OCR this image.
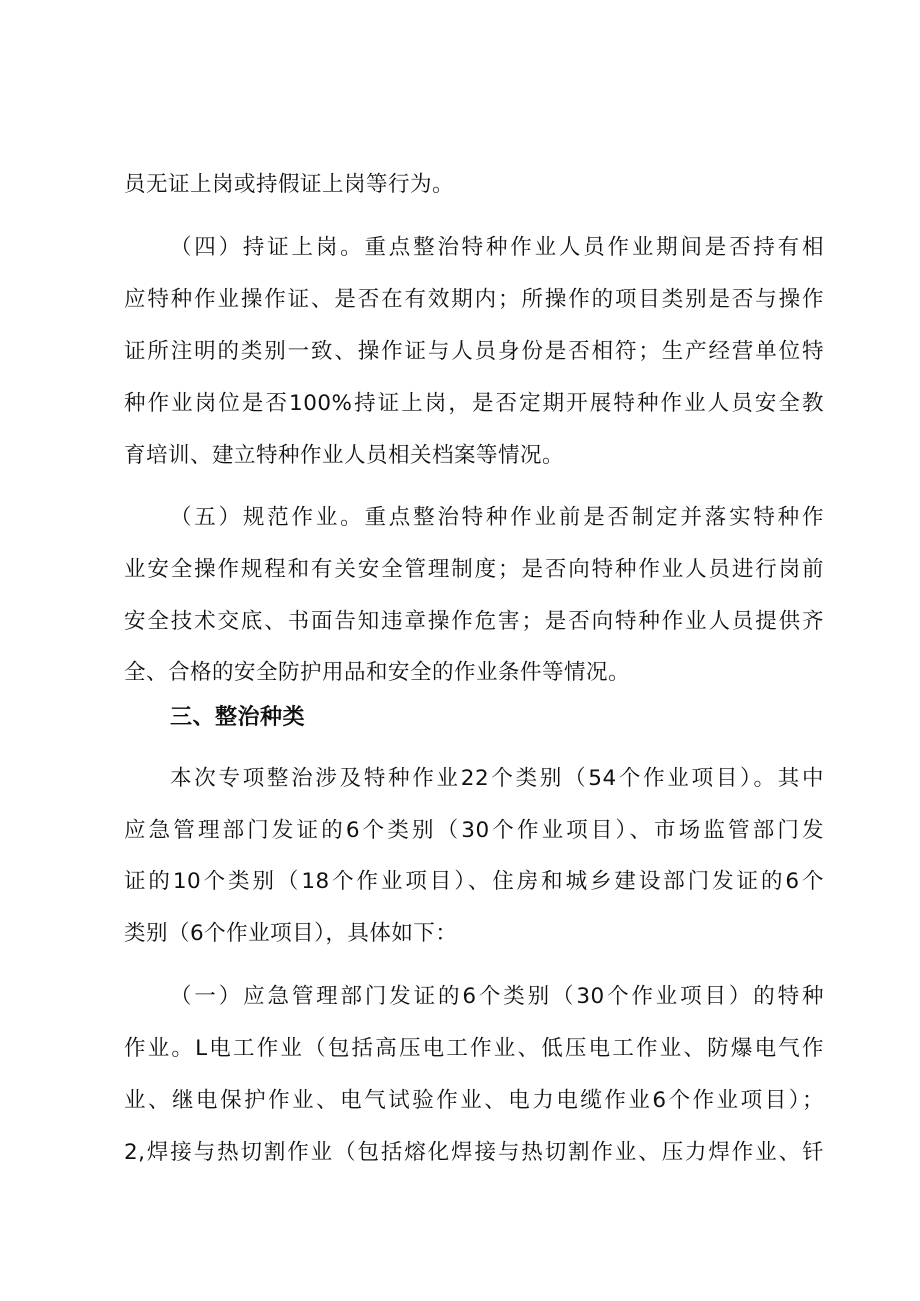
员无证上岗或持假证上岗等行为。
（四）持证上岗。重点整治特种作业人员作业期间是否持有相
应特种作业操作证、是否在有效期内；所操作的项目类别是否与操作
证所注明的类别一致、操作证与人员身份是否相符；生产经营单位特
种作业岗位是否100%持证上岗，是否定期开展特种作业人员安全教
育培训、建立特种作业人员相关档案等情况。
（五）规范作业。重点整治特种作业前是否制定并落实特种作
业安全操作规程和有关安全管理制度；是否向特种作业人员进行岗前
安全技术交底、书面告知违章操作危害；是否向特种作业人员提供齐
全、合格的安全防护用品和安全的作业条件等情况。
三、整治种类
本次专项整治涉及特种作业22个类别（54个作业项目）。其中
应急管理部门发证的6个类别（30个作业项目）、市场监管部门发
证的10个类别（18个作业项目）、住房和城乡建设部门发证的6个
类别（6个作业项目），具体如下：
（一）应急管理部门发证的6个类别（30个作业项目）的特种
作业。L电工作业（包括高压电工作业、低压电工作业、防爆电气作
业、继电保护作业、电气试验作业、电力电缆作业6个作业项目）；
2,焊接与热切割作业（包括熔化焊接与热切割作业、压力焊作业、钎
